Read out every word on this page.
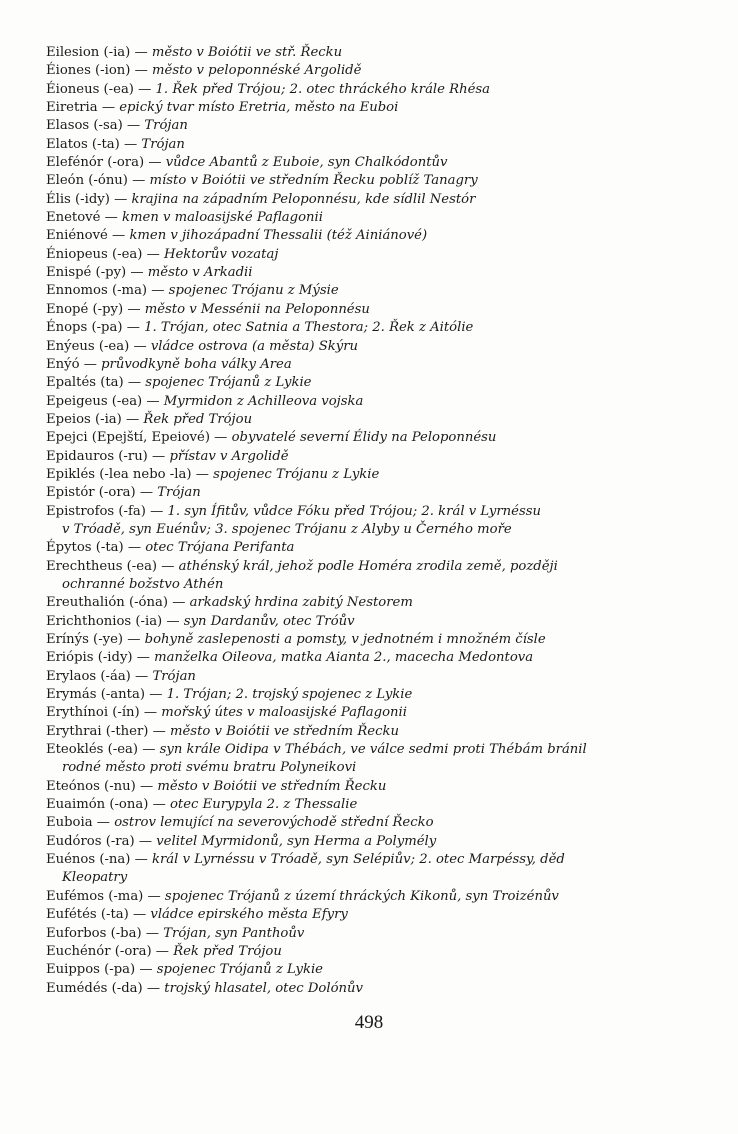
Eilesion (-ia) — město v Boiótii ve stř. Řecku
Éiones (-ion) — město v peloponnéské Argolidě
Éioneus (-ea) — 1. Řek před Trójou; 2. otec thráckého krále Rhésa
Eiretria — epický tvar místo Eretria, město na Euboi
Elasos (-sa) — Trójan
Elatos (-ta) — Trójan
Elefénór (-ora) — vůdce Abantů z Euboie, syn Chalkódontův
Eleón (-ónu) — místo v Boiótii ve středním Řecku poblíž Tanagry
Élis (-idy) — krajina na západním Peloponnésu, kde sídlil Nestór
Enetové — kmen v maloasijské Paflagonii
Eniénové — kmen v jihozápadní Thessalii (též Ainiánové)
Éniopeus (-ea) — Hektorův vozataj
Enispé (-py) — město v Arkadii
Ennomos (-ma) — spojenec Trójanu z Mýsie
Enopé (-py) — město v Messénii na Peloponnésu
Énops (-pa) — 1. Trójan, otec Satnia a Thestora; 2. Řek z Aitólie
Enýeus (-ea) — vládce ostrova (a města) Skýru
Enýó — průvodkyně boha války Area
Epaltés (ta) — spojenec Trójanů z Lykie
Epeigeus (-ea) — Myrmidon z Achilleova vojska
Epeios (-ia) — Řek před Trójou
Epejci (Epejští, Epeiové) — obyvatelé severní Élidy na Peloponnésu
Epidauros (-ru) — přístav v Argolidě
Epiklés (-lea nebo -la) — spojenec Trójanu z Lykie
Epistór (-ora) — Trójan
Epistrofos (-fa) — 1. syn Ífitův, vůdce Fóku před Trójou; 2. král v Lyrnéssu
v Tróadě, syn Euénův; 3. spojenec Trójanu z Alyby u Černého moře
Épytos (-ta) — otec Trójana Perifanta
Erechtheus (-ea) — athénský král, jehož podle Homéra zrodila země, později
ochranné božstvo Athén
Ereuthalión (-óna) — arkadský hrdina zabitý Nestorem
Erichthonios (-ia) — syn Dardanův, otec Tróův
Erínýs (-ye) — bohyně zaslepenosti a pomsty, v jednotném i množném čísle
Eriópis (-idy) — manželka Oileova, matka Aianta 2., macecha Medontova
Erylaos (-áa) — Trójan
Erymás (-anta) — 1. Trójan; 2. trojský spojenec z Lykie
Erythínoi (-ín) — mořský útes v maloasijské Paflagonii
Erythrai (-ther) — město v Boiótii ve středním Řecku
Eteoklés (-ea) — syn krále Oidipa v Thébách, ve válce sedmi proti Thébám bránil
rodné město proti svému bratru Polyneikovi
Eteónos (-nu) — město v Boiótii ve středním Řecku
Euaimón (-ona) — otec Eurypyla 2. z Thessalie
Euboia — ostrov lemující na severovýchodě střední Řecko
Eudóros (-ra) — velitel Myrmidonů, syn Herma a Polymély
Euénos (-na) — král v Lyrnéssu v Tróadě, syn Selépiův; 2. otec Marpéssy, děd
Kleopatry
Eufémos (-ma) — spojenec Trójanů z území thráckých Kikonů, syn Troizénův
Eufétés (-ta) — vládce epirského města Efyry
Euforbos (-ba) — Trójan, syn Panthoův
Euchénór (-ora) — Řek před Trójou
Euippos (-pa) — spojenec Trójanů z Lykie
Eumédés (-da) — trojský hlasatel, otec Dolónův
498
